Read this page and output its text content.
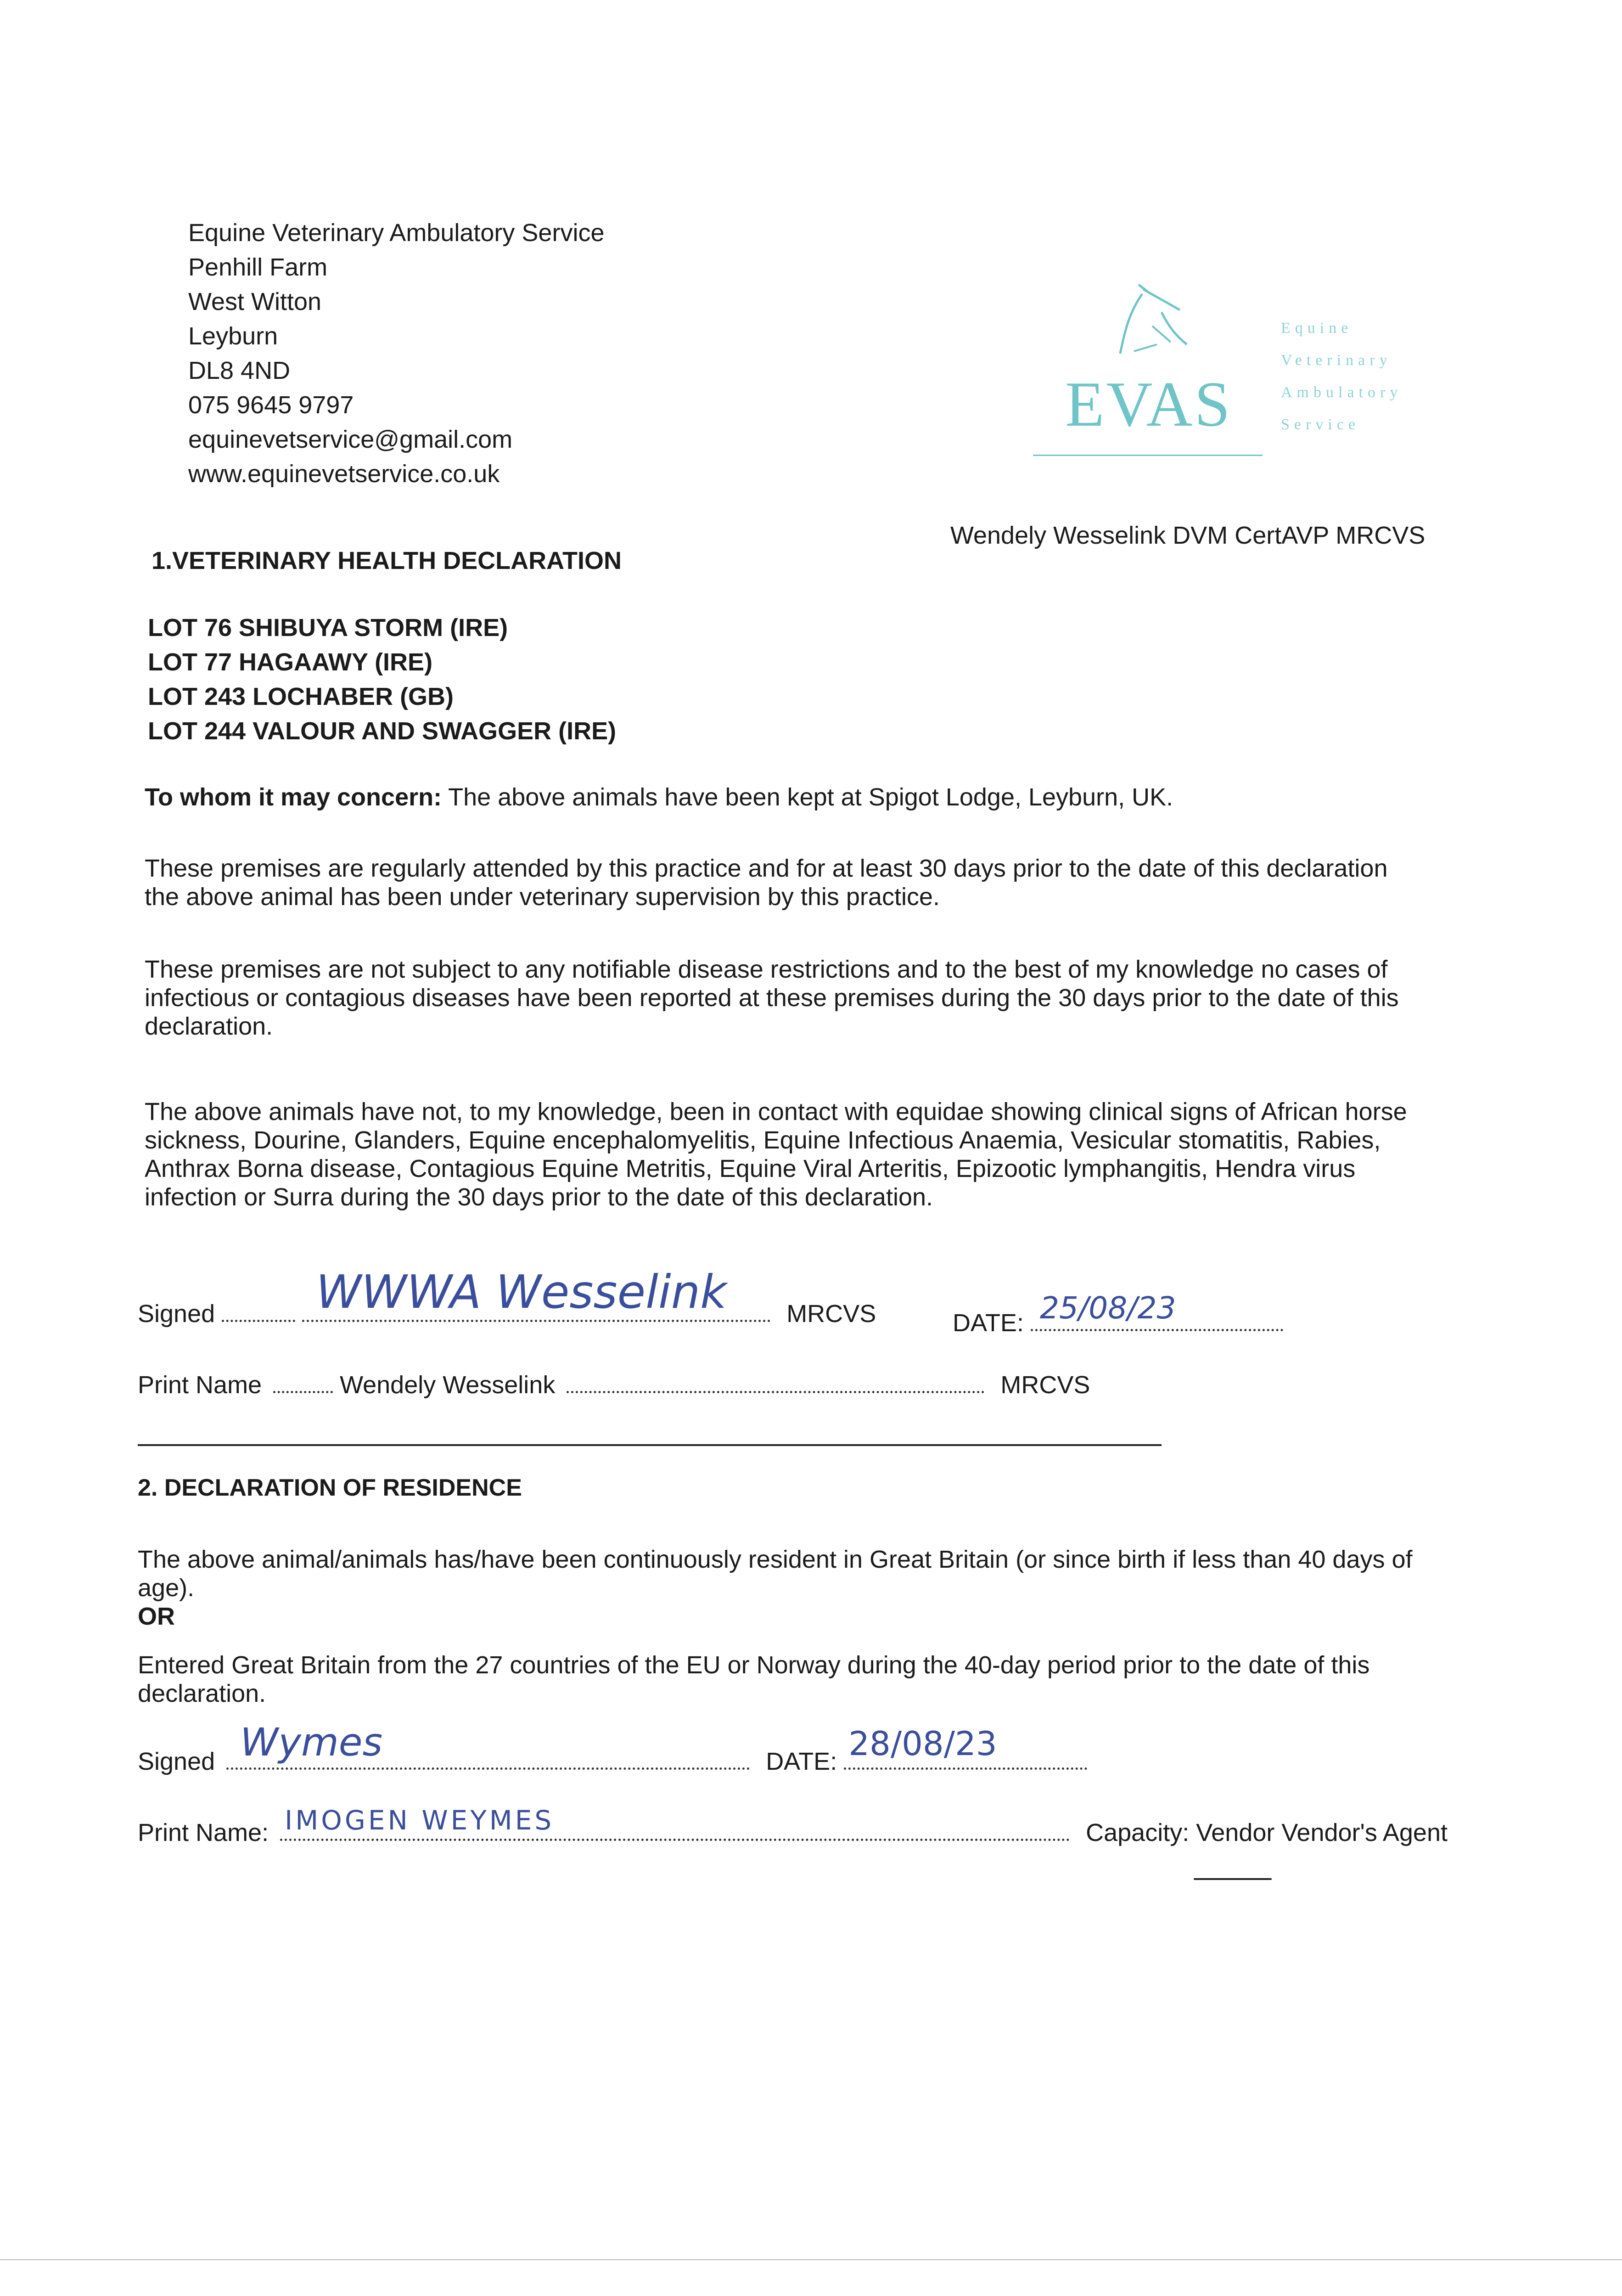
Equine Veterinary Ambulatory Service
Penhill Farm
West Witton
Leyburn
DL8 4ND
075 9645 9797
equinevetservice@gmail.com
www.equinevetservice.co.uk
EVAS
Equine
Veterinary
Ambulatory
Service
Wendely Wesselink DVM CertAVP MRCVS
1.VETERINARY HEALTH DECLARATION
LOT 76 SHIBUYA STORM (IRE)
LOT 77 HAGAAWY (IRE)
LOT 243 LOCHABER (GB)
LOT 244 VALOUR AND SWAGGER (IRE)
To whom it may concern: The above animals have been kept at Spigot Lodge, Leyburn, UK.
These premises are regularly attended by this practice and for at least 30 days prior to the date of this declaration
the above animal has been under veterinary supervision by this practice.
These premises are not subject to any notifiable disease restrictions and to the best of my knowledge no cases of
infectious or contagious diseases have been reported at these premises during the 30 days prior to the date of this
declaration.
The above animals have not, to my knowledge, been in contact with equidae showing clinical signs of African horse
sickness, Dourine, Glanders, Equine encephalomyelitis, Equine Infectious Anaemia, Vesicular stomatitis, Rabies,
Anthrax Borna disease, Contagious Equine Metritis, Equine Viral Arteritis, Epizootic lymphangitis, Hendra virus
infection or Surra during the 30 days prior to the date of this declaration.
Signed WWWA Wesselink MRCVS	DATE: 25/08/23
Print Name	Wendely Wesselink	MRCVS
2. DECLARATION OF RESIDENCE
The above animal/animals has/have been continuously resident in Great Britain (or since birth if less than 40 days of
age).
OR
Entered Great Britain from the 27 countries of the EU or Norway during the 40-day period prior to the date of this
declaration.
Signed Wymes	DATE: 28/08/23
Print Name: IMOGEN WEYMES	Capacity: Vendor Vendor's Agent
